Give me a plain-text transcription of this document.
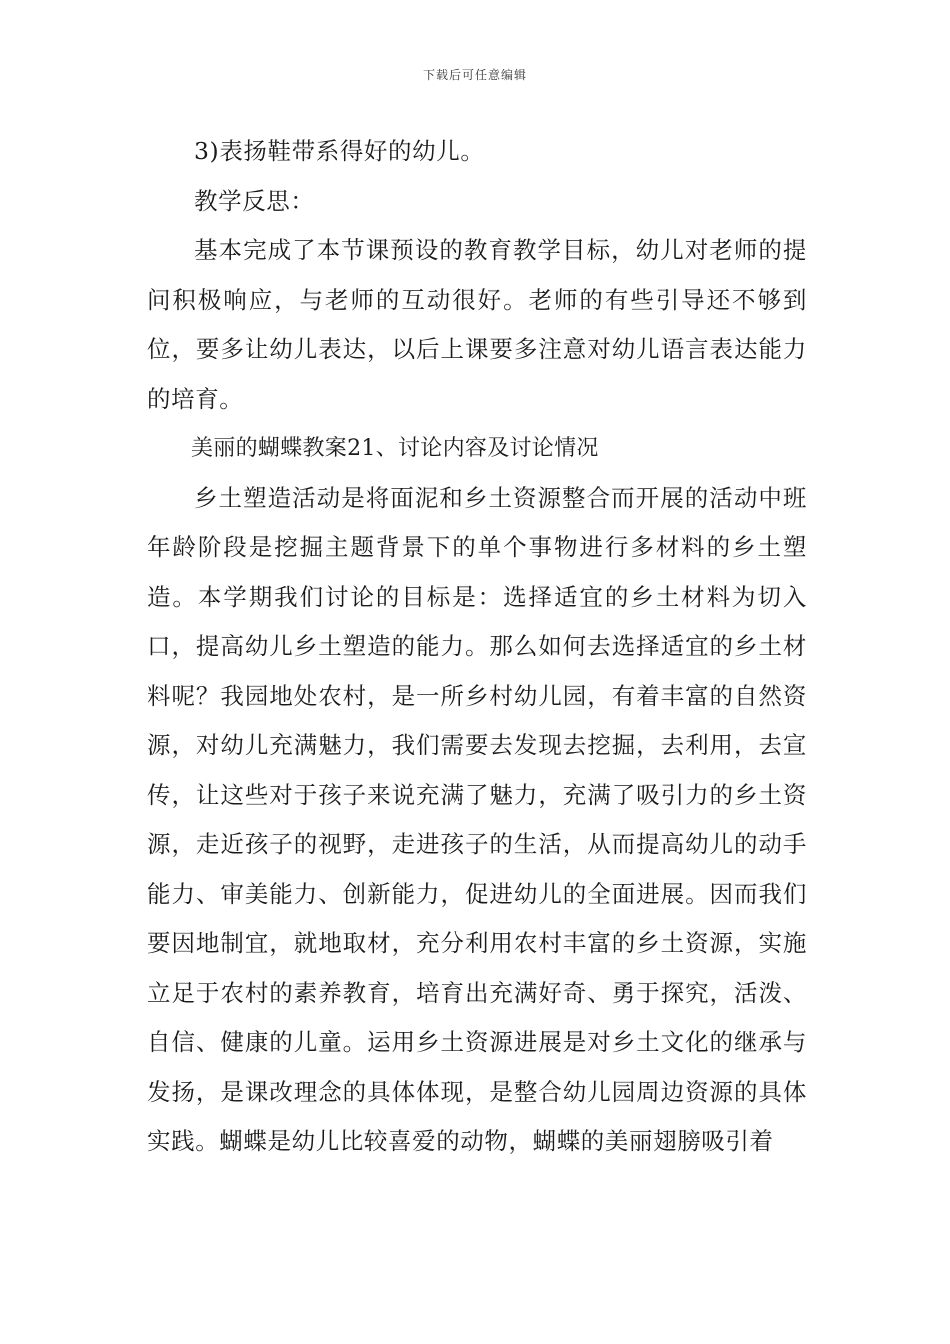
下载后可任意编辑

3)表扬鞋带系得好的幼儿。

教学反思：

基本完成了本节课预设的教育教学目标，幼儿对老师的提问积极响应，与老师的互动很好。老师的有些引导还不够到位，要多让幼儿表达，以后上课要多注意对幼儿语言表达能力的培育。

美丽的蝴蝶教案21、讨论内容及讨论情况

乡土塑造活动是将面泥和乡土资源整合而开展的活动中班年龄阶段是挖掘主题背景下的单个事物进行多材料的乡土塑造。本学期我们讨论的目标是：选择适宜的乡土材料为切入口，提高幼儿乡土塑造的能力。那么如何去选择适宜的乡土材料呢？我园地处农村，是一所乡村幼儿园，有着丰富的自然资源，对幼儿充满魅力，我们需要去发现去挖掘，去利用，去宣传，让这些对于孩子来说充满了魅力，充满了吸引力的乡土资源，走近孩子的视野，走进孩子的生活，从而提高幼儿的动手能力、审美能力、创新能力，促进幼儿的全面进展。因而我们要因地制宜，就地取材，充分利用农村丰富的乡土资源，实施立足于农村的素养教育，培育出充满好奇、勇于探究，活泼、自信、健康的儿童。运用乡土资源进展是对乡土文化的继承与发扬，是课改理念的具体体现，是整合幼儿园周边资源的具体实践。蝴蝶是幼儿比较喜爱的动物，蝴蝶的美丽翅膀吸引着
